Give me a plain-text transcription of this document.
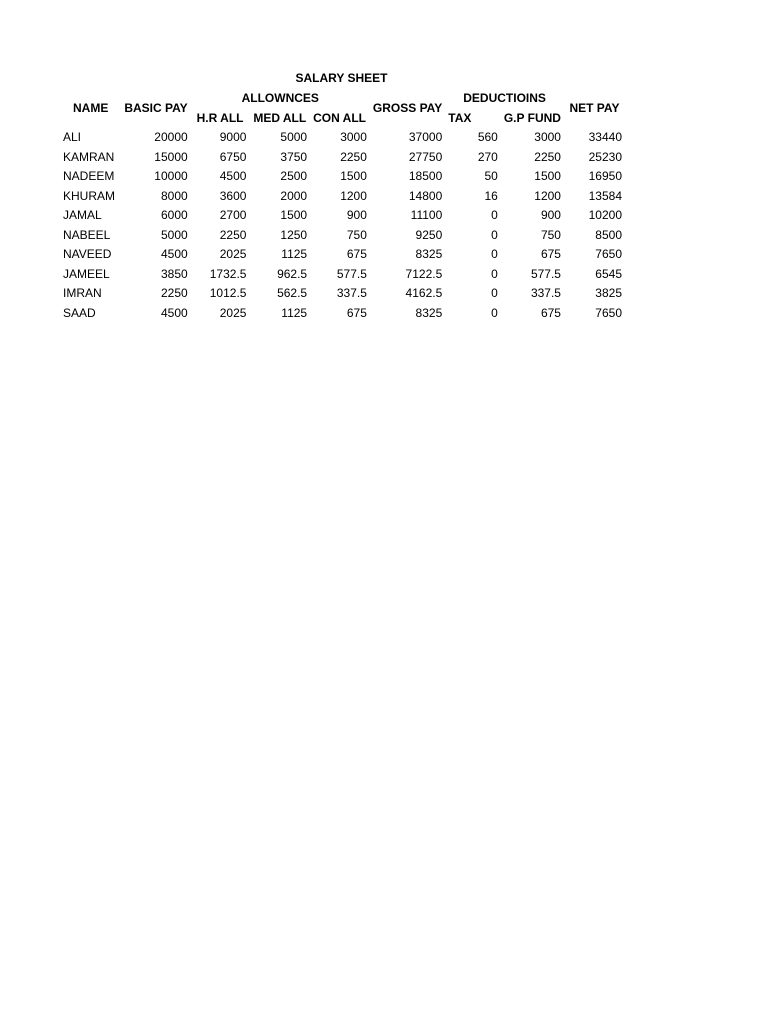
SALARY SHEET
NAME	BASIC PAY	ALLOWNCES			GROSS PAY	DEDUCTIOINS		NET PAY
		H.R ALL	MED ALL	CON ALL		TAX	G.P FUND	
ALI	20000	9000	5000	3000	37000	560	3000	33440
KAMRAN	15000	6750	3750	2250	27750	270	2250	25230
NADEEM	10000	4500	2500	1500	18500	50	1500	16950
KHURAM	8000	3600	2000	1200	14800	16	1200	13584
JAMAL	6000	2700	1500	900	11100	0	900	10200
NABEEL	5000	2250	1250	750	9250	0	750	8500
NAVEED	4500	2025	1125	675	8325	0	675	7650
JAMEEL	3850	1732.5	962.5	577.5	7122.5	0	577.5	6545
IMRAN	2250	1012.5	562.5	337.5	4162.5	0	337.5	3825
SAAD	4500	2025	1125	675	8325	0	675	7650
